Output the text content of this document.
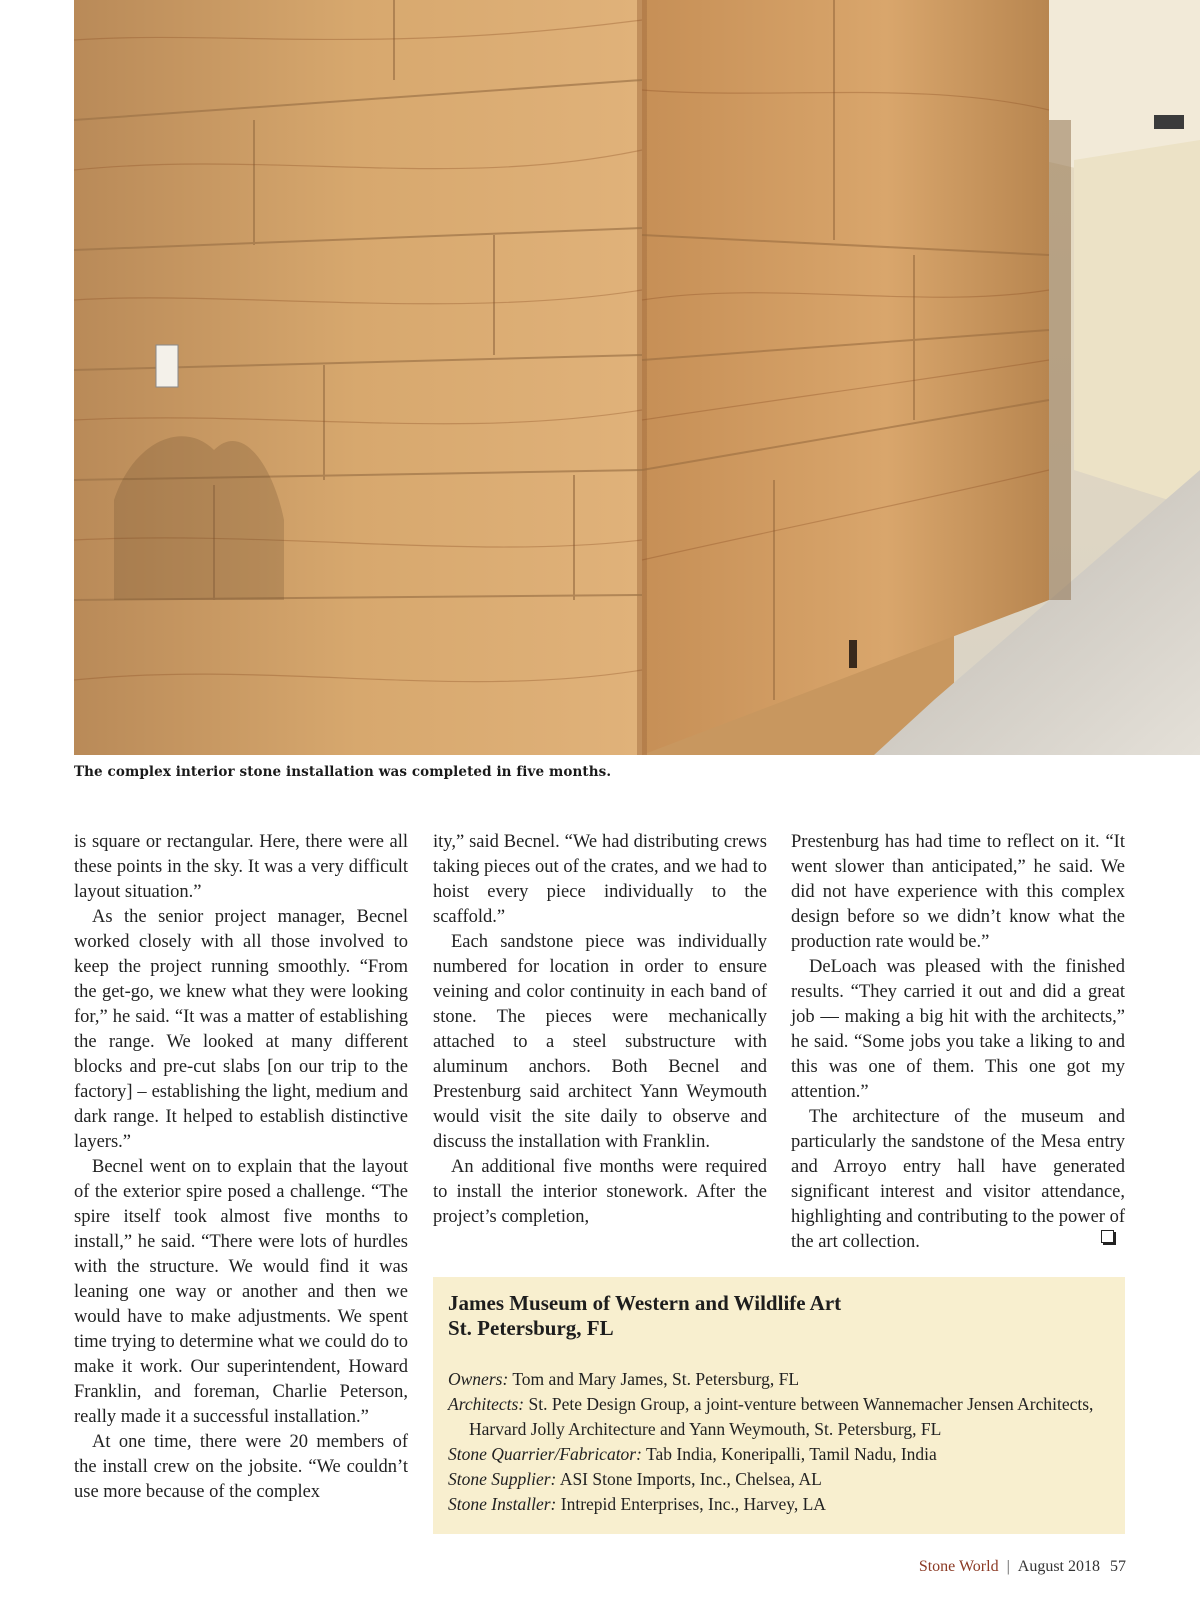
The complex interior stone installation was completed in five months.

is square or rectangular. Here, there were all these points in the sky. It was a very difficult layout situation.”

As the senior project manager, Becnel worked closely with all those involved to keep the project running smoothly. “From the get-go, we knew what they were looking for,” he said. “It was a matter of establishing the range. We looked at many different blocks and pre-cut slabs [on our trip to the factory] – establishing the light, medium and dark range. It helped to establish distinctive layers.”

Becnel went on to explain that the layout of the exterior spire posed a challenge. “The spire itself took almost five months to install,” he said. “There were lots of hurdles with the structure. We would find it was leaning one way or another and then we would have to make adjustments. We spent time trying to determine what we could do to make it work. Our superintendent, Howard Franklin, and foreman, Charlie Peterson, really made it a successful installation.”

At one time, there were 20 members of the install crew on the jobsite. “We couldn’t use more because of the complex

ity,” said Becnel. “We had distributing crews taking pieces out of the crates, and we had to hoist every piece individually to the scaffold.”

Each sandstone piece was individually numbered for location in order to ensure veining and color continuity in each band of stone. The pieces were mechanically attached to a steel substructure with aluminum anchors. Both Becnel and Prestenburg said architect Yann Weymouth would visit the site daily to observe and discuss the installation with Franklin.

An additional five months were required to install the interior stonework. After the project’s completion,

Prestenburg has had time to reflect on it. “It went slower than anticipated,” he said. We did not have experience with this complex design before so we didn’t know what the production rate would be.”

DeLoach was pleased with the finished results. “They carried it out and did a great job — making a big hit with the architects,” he said. “Some jobs you take a liking to and this was one of them. This one got my attention.”

The architecture of the museum and particularly the sandstone of the Mesa entry and Arroyo entry hall have generated significant interest and visitor attendance, highlighting and contributing to the power of the art collection.

James Museum of Western and Wildlife Art
St. Petersburg, FL
Owners: Tom and Mary James, St. Petersburg, FL
Architects: St. Pete Design Group, a joint-venture between Wannemacher Jensen Architects, Harvard Jolly Architecture and Yann Weymouth, St. Petersburg, FL
Stone Quarrier/Fabricator: Tab India, Koneripalli, Tamil Nadu, India
Stone Supplier: ASI Stone Imports, Inc., Chelsea, AL
Stone Installer: Intrepid Enterprises, Inc., Harvey, LA
Stone World | August 2018 57
